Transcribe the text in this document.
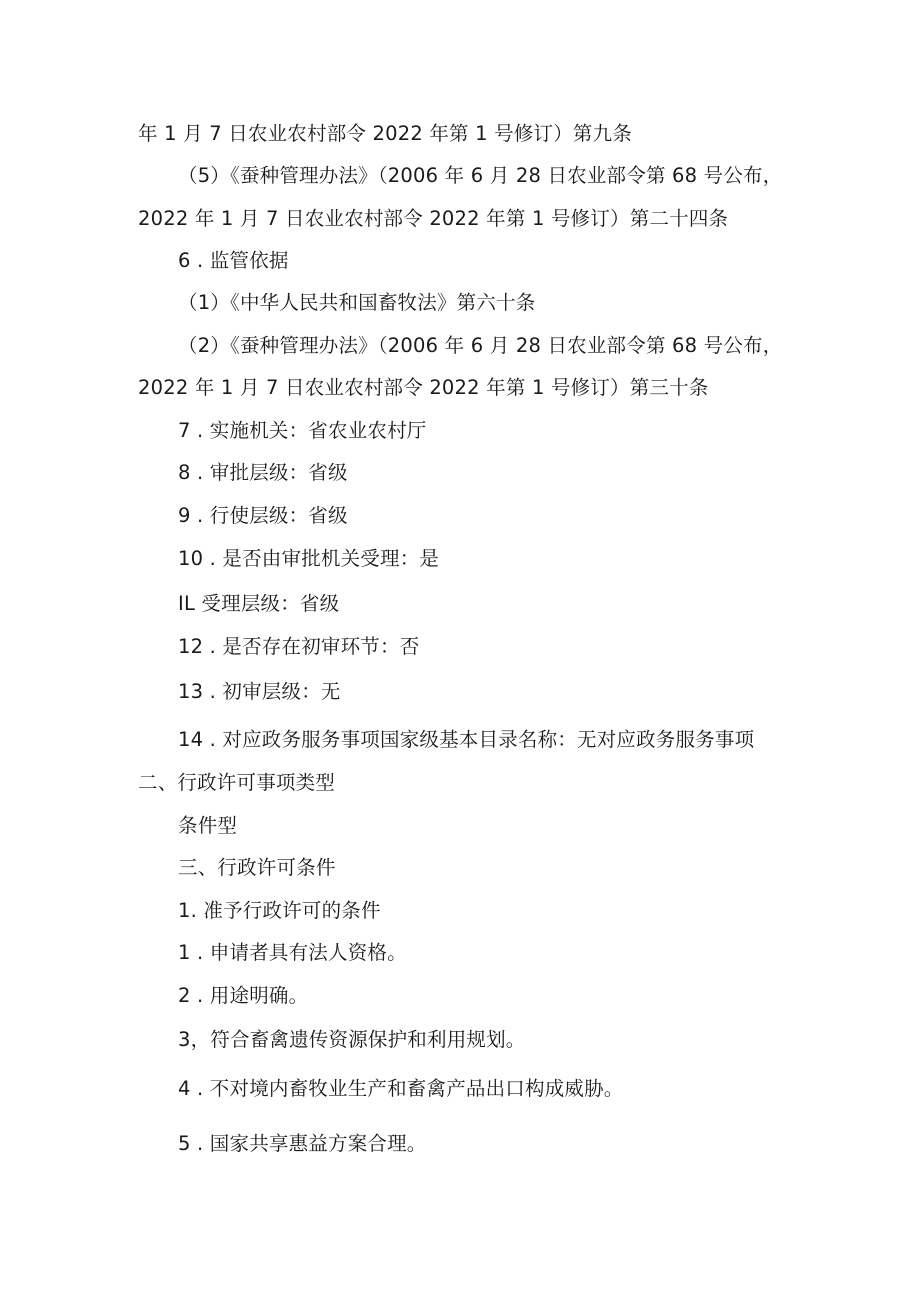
年 1 月 7 日农业农村部令 2022 年第 1 号修订）第九条
（5）《蚕种管理办法》（2006 年 6 月 28 日农业部令第 68 号公布，
2022 年 1 月 7 日农业农村部令 2022 年第 1 号修订）第二十四条
6 . 监管依据
（1）《中华人民共和国畜牧法》第六十条
（2）《蚕种管理办法》（2006 年 6 月 28 日农业部令第 68 号公布，
2022 年 1 月 7 日农业农村部令 2022 年第 1 号修订）第三十条
7 . 实施机关：省农业农村厅
8 . 审批层级：省级
9 . 行使层级：省级
10 . 是否由审批机关受理：是
IL 受理层级：省级
12 . 是否存在初审环节：否
13 . 初审层级：无
14 . 对应政务服务事项国家级基本目录名称：无对应政务服务事项
二、行政许可事项类型
条件型
三、行政许可条件
1. 准予行政许可的条件
1 . 申请者具有法人资格。
2 . 用途明确。
3，符合畜禽遗传资源保护和利用规划。
4 . 不对境内畜牧业生产和畜禽产品出口构成威胁。
5 . 国家共享惠益方案合理。
